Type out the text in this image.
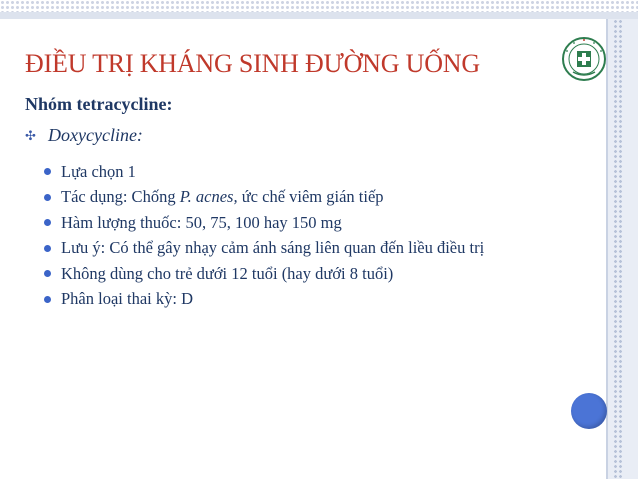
ĐIỀU TRỊ KHÁNG SINH ĐƯỜNG UỐNG
Nhóm tetracycline:
✣ Doxycycline:
Lựa chọn 1
Tác dụng: Chống P. acnes, ức chế viêm gián tiếp
Hàm lượng thuốc: 50, 75, 100 hay 150 mg
Lưu ý: Có thể gây nhạy cảm ánh sáng liên quan đến liều điều trị
Không dùng cho trẻ dưới 12 tuổi (hay dưới 8 tuổi)
Phân loại thai kỳ: D
